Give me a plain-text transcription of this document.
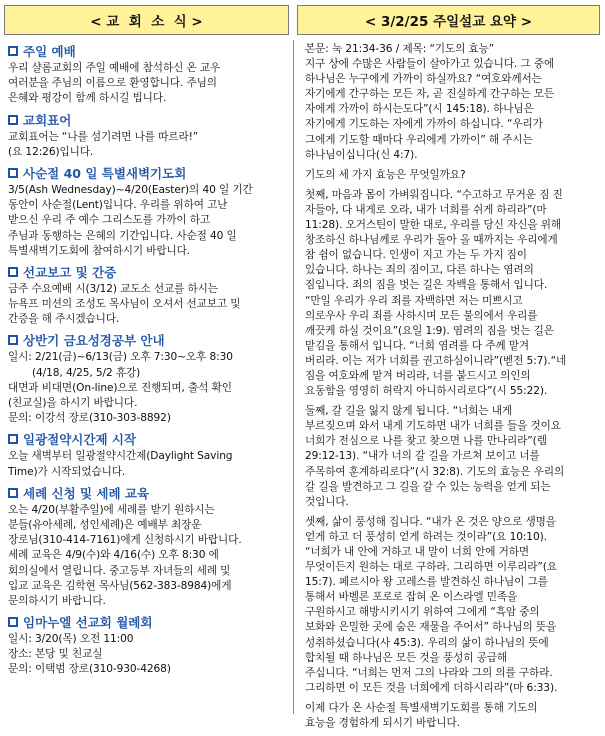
< 교  회  소  식 >	< 3/2/25 주일설교 요약 >
주일 예배
우리 샬롬교회의 주일 예배에 참석하신 온 교우
여러분을 주님의 이름으로 환영합니다. 주님의
은혜와 평강이 함께 하시길 빕니다.
교회표어
교회표어는 “나를 섬기려면 나를 따르라!”
(요 12:26)입니다.
사순절 40 일 특별새벽기도회
3/5(Ash Wednesday)~4/20(Easter)의 40 일 기간
동안이 사순절(Lent)입니다. 우리를 위하여 고난
받으신 우리 주 예수 그리스도를 가까이 하고
주님과 동행하는 은혜의 기간입니다. 사순절 40 일
특별새벽기도회에 참여하시기 바랍니다.
선교보고 및 간증
금주 수요예배 시(3/12) 교도소 선교를 하시는
뉴욕프 미션의 조성도 목사님이 오셔서 선교보고 및
간증을 해 주시겠습니다.
상반기 금요성경공부 안내
일시: 2/21(금)~6/13(금) 오후 7:30~오후 8:30
(4/18, 4/25, 5/2 휴강)
대면과 비대면(On-line)으로 진행되며, 출석 확인
(친교실)을 하시기 바랍니다.
문의: 이강석 장로(310-303-8892)
일광절약시간제 시작
오늘 새벽부터 일광절약시간제(Daylight Saving
Time)가 시작되었습니다.
세례 신청 및 세례 교육
오는 4/20(부활주일)에 세례를 받기 원하시는
분들(유아세례, 성인세례)은 예배부 최장운
장로님(310-414-7161)에게 신청하시기 바랍니다.
세례 교육은 4/9(수)와 4/16(수) 오후 8:30 에
회의실에서 열립니다. 중고등부 자녀들의 세례 및
입교 교육은 김학현 목사님(562-383-8984)에게
문의하시기 바랍니다.
임마누엘 선교회 월례회
일시: 3/20(목) 오전 11:00
장소: 본당 및 친교실
문의: 이택범 장로(310-930-4268)
본문: 눅 21:34-36 / 제목: “기도의 효능”
지구 상에 수많은 사람들이 살아가고 있습니다. 그 중에
하나님은 누구에게 가까이 하실까요? “여호와께서는
자기에게 간구하는 모든 자, 곧 진실하게 간구하는 모든
자에게 가까이 하시는도다”(시 145:18). 하나님은
자기에게 기도하는 자에게 가까이 하십니다. “우리가
그에게 기도할 때마다 우리에게 가까이” 해 주시는
하나님이십니다(신 4:7).
기도의 세 가지 효능은 무엇일까요?
첫째, 마음과 몸이 가벼워집니다. “수고하고 무거운 짐 진
자들아, 다 내게로 오라, 내가 너희를 쉬게 하리라”(마
11:28). 오거스틴이 말한 대로, 우리를 당신 자신을 위해
창조하신 하나님께로 우리가 돌아 올 때까지는 우리에게
참 쉼이 없습니다. 인생이 지고 가는 두 가지 짐이
있습니다. 하나는 죄의 짐이고, 다른 하나는 염려의
짐입니다. 죄의 짐을 벗는 길은 자백을 통해서 입니다.
“만일 우리가 우리 죄를 자백하면 저는 미쁘시고
의로우사 우리 죄를 사하시며 모든 불의에서 우리를
깨끗케 하실 것이요”(요일 1:9). 염려의 짐을 벗는 길은
맡김을 통해서 입니다. “너희 염려를 다 주께 맡겨
버리라. 이는 저가 너희를 권고하심이니라”(벧전 5:7).“네
짐을 여호와께 맡겨 버리라, 너를 붙드시고 의인의
요동함을 영영히 허락지 아니하시리로다”(시 55:22).
둘째, 갈 길을 잃지 않게 됩니다. “너희는 내게
부르짖으며 와서 내게 기도하면 내가 너희를 들을 것이요
너희가 전심으로 나를 찾고 찾으면 나를 만나리라”(렘
29:12-13). “내가 너의 갈 길을 가르쳐 보이고 너를
주목하여 훈계하리로다”(시 32:8). 기도의 효능은 우리의
갈 길을 발견하고 그 길을 갈 수 있는 능력을 얻게 되는
것입니다.
셋째, 삶이 풍성해 집니다. “내가 온 것은 양으로 생명을
얻게 하고 더 풍성히 얻게 하려는 것이라”(요 10:10).
“너희가 내 안에 거하고 내 말이 너희 안에 거하면
무엇이든지 원하는 대로 구하라. 그리하면 이루리라”(요
15:7). 페르시아 왕 고레스를 발견하신 하나님이 그를
통해서 바벨론 포로로 잡혀 온 이스라엘 민족을
구원하시고 해방시키시기 위하여 그에게 “흑암 중의
보화와 은밀한 곳에 숨은 재물을 주어서” 하나님의 뜻을
성취하셨습니다(사 45:3). 우리의 삶이 하나님의 뜻에
합치될 때 하나님은 모든 것을 풍성히 공급해
주십니다. “너희는 먼저 그의 나라와 그의 의를 구하라.
그리하면 이 모든 것을 너희에게 더하시리라”(마 6:33).
이제 다가 온 사순절 특별새벽기도회를 통해 기도의
효능을 경험하게 되시기 바랍니다.
